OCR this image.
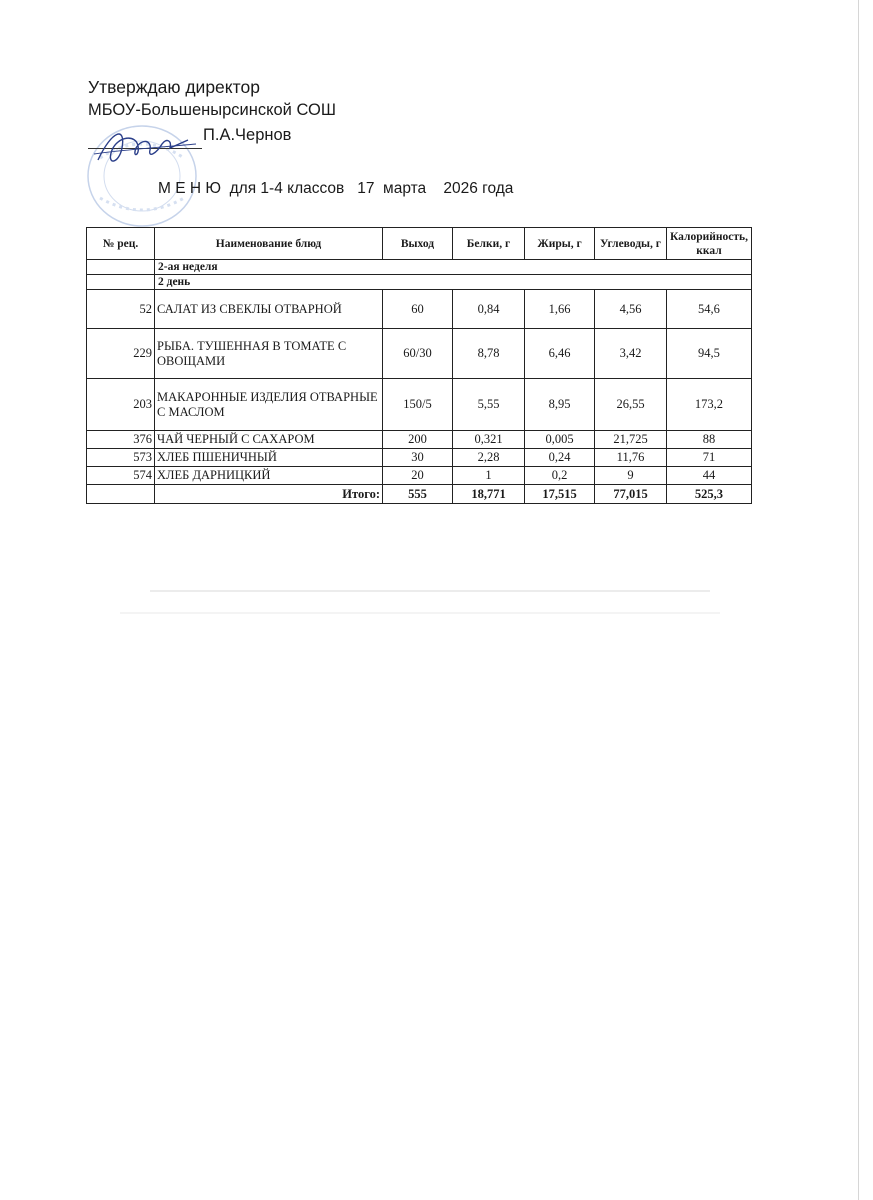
Утверждаю директор
МБОУ-Большенырсинской СОШ
П.А.Чернов
М Е Н Ю  для 1-4 классов   17  марта    2026 года
№ рец.	Наименование блюд	Выход	Белки, г	Жиры, г	Углеводы, г	Калорийность, ккал
	2-ая неделя					
	2 день					
52	САЛАТ ИЗ СВЕКЛЫ ОТВАРНОЙ	60	0,84	1,66	4,56	54,6
229	РЫБА. ТУШЕННАЯ В ТОМАТЕ С ОВОЩАМИ	60/30	8,78	6,46	3,42	94,5
203	МАКАРОННЫЕ ИЗДЕЛИЯ ОТВАРНЫЕ С МАСЛОМ	150/5	5,55	8,95	26,55	173,2
376	ЧАЙ ЧЕРНЫЙ С САХАРОМ	200	0,321	0,005	21,725	88
573	ХЛЕБ ПШЕНИЧНЫЙ	30	2,28	0,24	11,76	71
574	ХЛЕБ ДАРНИЦКИЙ	20	1	0,2	9	44
	Итого:	555	18,771	17,515	77,015	525,3
